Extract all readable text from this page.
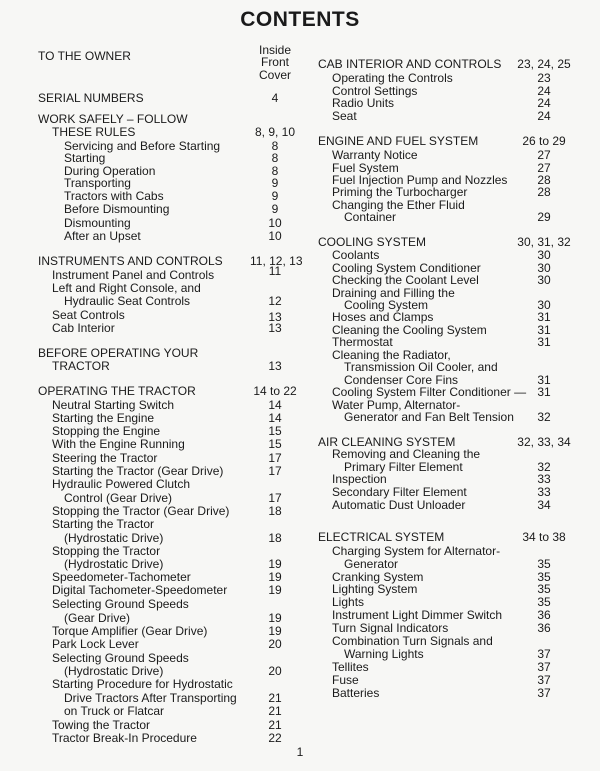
CONTENTS
TO THE OWNER	Inside
Front
Cover
SERIAL NUMBERS	4
WORK SAFELY – FOLLOW
THESE RULES	8, 9, 10
Servicing and Before Starting	8
Starting	8
During Operation	8
Transporting	9
Tractors with Cabs	9
Before Dismounting	9
Dismounting	10
After an Upset	10
INSTRUMENTS AND CONTROLS 11, 12, 13
Instrument Panel and Controls	11
Left and Right Console, and
Hydraulic Seat Controls	12
Seat Controls	13
Cab Interior	13
BEFORE OPERATING YOUR
TRACTOR	13
OPERATING THE TRACTOR	14 to 22
Neutral Starting Switch	14
Starting the Engine	14
Stopping the Engine	15
With the Engine Running	15
Steering the Tractor	17
Starting the Tractor (Gear Drive)	17
Hydraulic Powered Clutch
Control (Gear Drive)	17
Stopping the Tractor (Gear Drive)	18
Starting the Tractor
(Hydrostatic Drive)	18
Stopping the Tractor
(Hydrostatic Drive)	19
Speedometer-Tachometer	19
Digital Tachometer-Speedometer	19
Selecting Ground Speeds
(Gear Drive)	19
Torque Amplifier (Gear Drive)	19
Park Lock Lever	20
Selecting Ground Speeds
(Hydrostatic Drive)	20
Starting Procedure for Hydrostatic
Drive Tractors After Transporting	21
on Truck or Flatcar	21
Towing the Tractor	21
Tractor Break-In Procedure	22
CAB INTERIOR AND CONTROLS 23, 24, 25
Operating the Controls	23
Control Settings	24
Radio Units	24
Seat	24
ENGINE AND FUEL SYSTEM	26 to 29
Warranty Notice	27
Fuel System	27
Fuel Injection Pump and Nozzles	28
Priming the Turbocharger	28
Changing the Ether Fluid
Container	29
COOLING SYSTEM	30, 31, 32
Coolants	30
Cooling System Conditioner	30
Checking the Coolant Level	30
Draining and Filling the
Cooling System	30
Hoses and Clamps	31
Cleaning the Cooling System	31
Thermostat	31
Cleaning the Radiator,
Transmission Oil Cooler, and
Condenser Core Fins	31
Cooling System Filter Conditioner — 31
Water Pump, Alternator-
Generator and Fan Belt Tension	32
AIR CLEANING SYSTEM	32, 33, 34
Removing and Cleaning the
Primary Filter Element	32
Inspection	33
Secondary Filter Element	33
Automatic Dust Unloader	34
ELECTRICAL SYSTEM	34 to 38
Charging System for Alternator-
Generator	35
Cranking System	35
Lighting System	35
Lights	35
Instrument Light Dimmer Switch	36
Turn Signal Indicators	36
Combination Turn Signals and
Warning Lights	37
Tellites	37
Fuse	37
Batteries	37
1
